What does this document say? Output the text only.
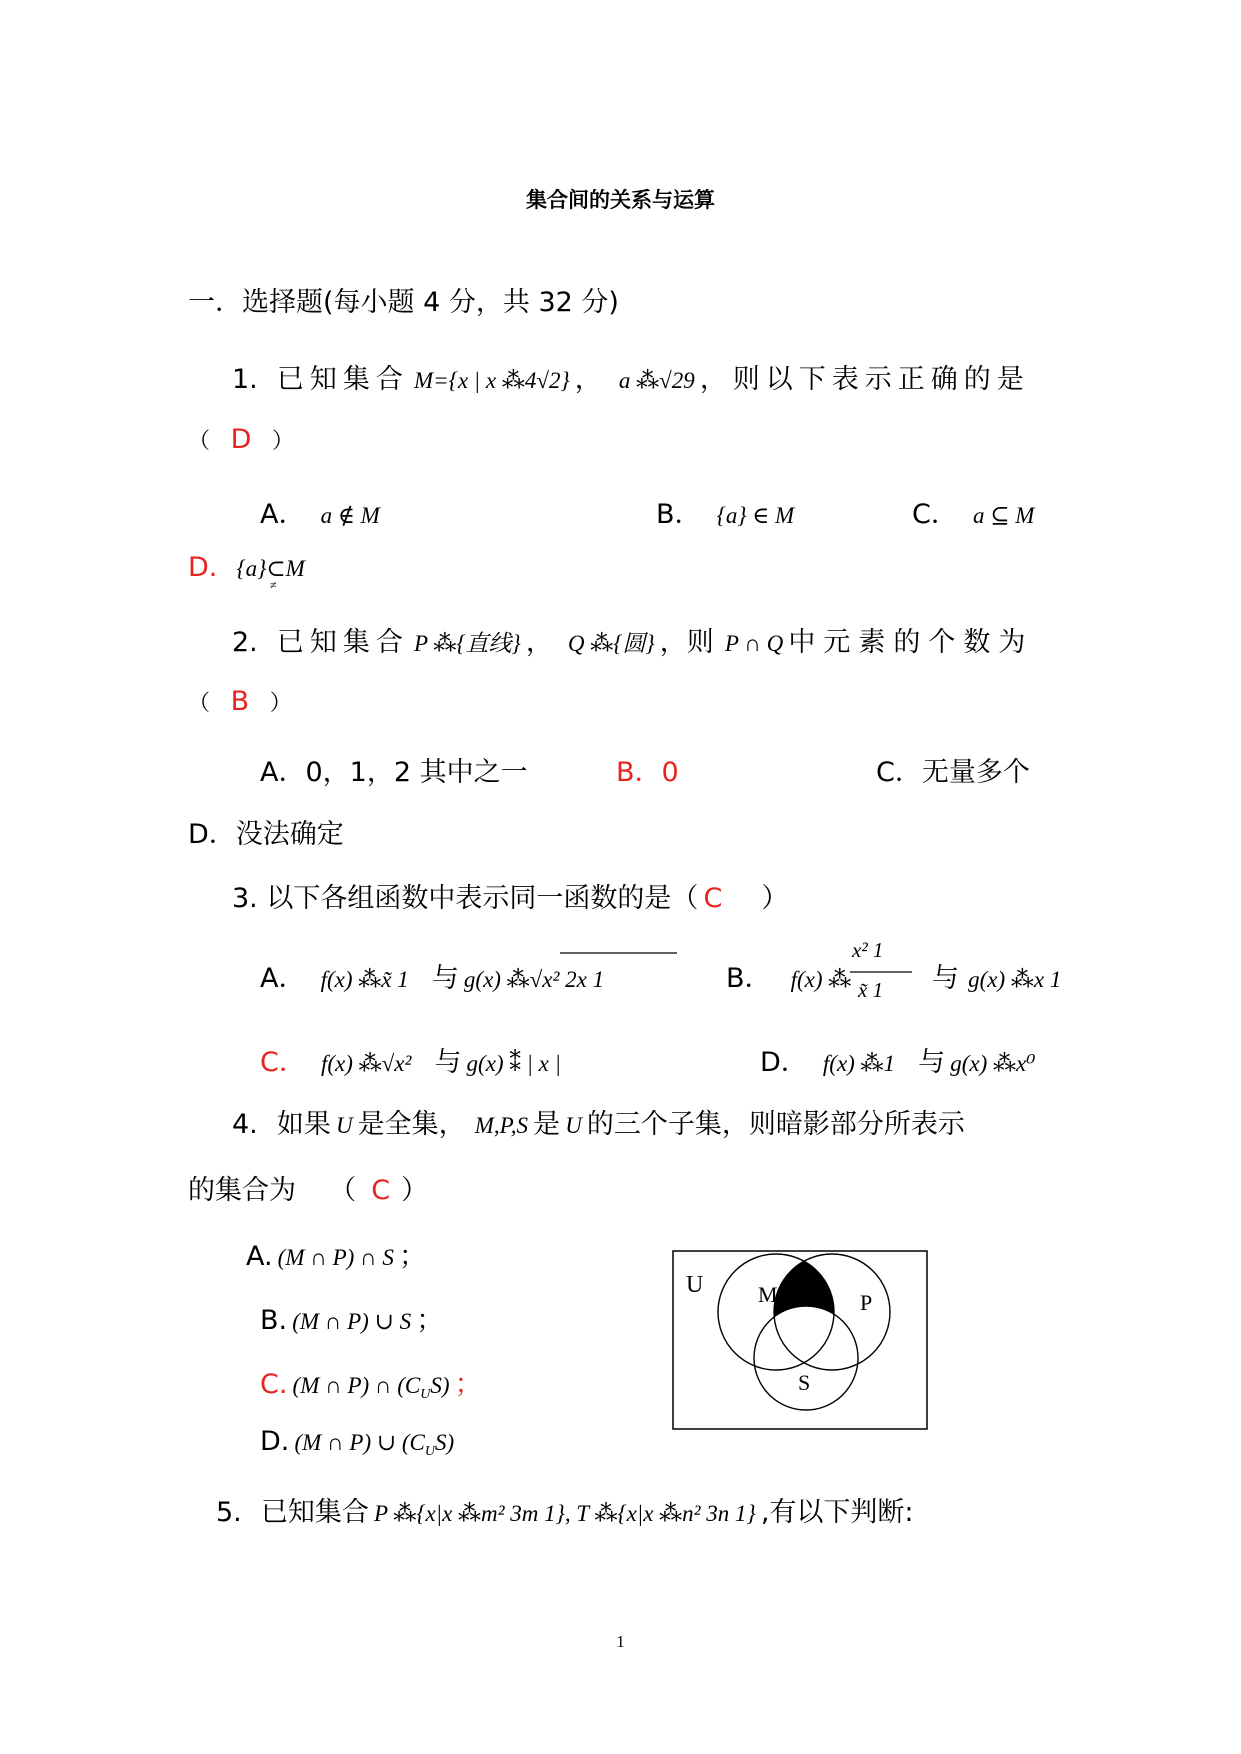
集合间的关系与运算
一．选择题(每小题 4 分，共 32 分)
1. 已知集合 M={x | x ⁂4√2} ， a ⁂√29 ，则以下表示正确的是
（ D ）
A． a ∉ M	B． {a} ∈ M	C． a ⊆ M
D. {a}⊂M
≠
2. 已知集合 P ⁂{直线} ， Q ⁂{圆} ，则 P ∩ Q 中元素的个数为
（ B ）
A．0，1，2 其中之一	B．0	C．无量多个
D．没法确定
3. 以下各组函数中表示同一函数的是（ C ）
A． f(x) ⁂x̃ 1 与 g(x) ⁂√x² 2x 1	B． f(x) ⁂
x² 1
x̃ 1 与 g(x) ⁂x 1
C． f(x) ⁂√x² 与 g(x) ⁑ | x |	D． f(x) ⁂1 与 g(x) ⁂x⁰
4. 如果 U 是全集， M,P,S 是 U 的三个子集，则暗影部分所表示
的集合为 （ C ）
A. (M ∩ P) ∩ S ；
B. (M ∩ P) ∪ S ；
C. (M ∩ P) ∩ (CUS) ；
D. (M ∩ P) ∪ (CUS)
U M	P
S
5. 已知集合 P ⁂{x|x ⁂m² 3m 1}, T ⁂{x|x ⁂n² 3n 1} ,有以下判断:
1
